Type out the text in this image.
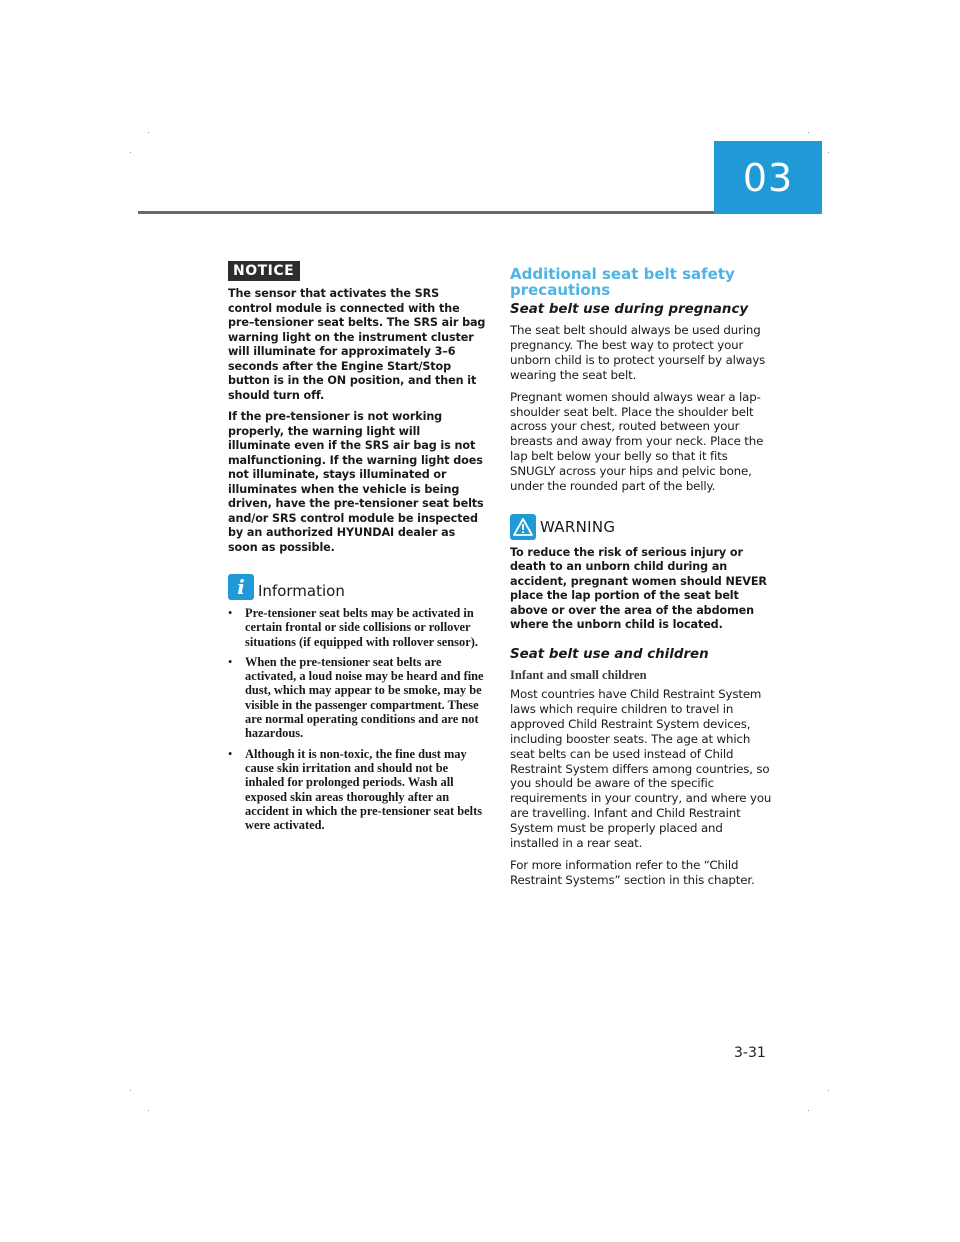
03
NOTICE

The sensor that activates the SRS control module is connected with the pre–tensioner seat belts. The SRS air bag warning light on the instrument cluster will illuminate for approximately 3–6 seconds after the Engine Start/Stop button is in the ON position, and then it should turn off.

If the pre-tensioner is not working properly, the warning light will illuminate even if the SRS air bag is not malfunctioning. If the warning light does not illuminate, stays illuminated or illuminates when the vehicle is being driven, have the pre-tensioner seat belts and/or SRS control module be inspected by an authorized HYUNDAI dealer as soon as possible.

i Information
• Pre-tensioner seat belts may be activated in certain frontal or side collisions or rollover situations (if equipped with rollover sensor).
• When the pre-tensioner seat belts are activated, a loud noise may be heard and fine dust, which may appear to be smoke, may be visible in the passenger compartment. These are normal operating conditions and are not hazardous.
• Although it is non-toxic, the fine dust may cause skin irritation and should not be inhaled for prolonged periods. Wash all exposed skin areas thoroughly after an accident in which the pre-tensioner seat belts were activated.
Additional seat belt safety precautions
Seat belt use during pregnancy

The seat belt should always be used during pregnancy. The best way to protect your unborn child is to protect yourself by always wearing the seat belt.

Pregnant women should always wear a lap-shoulder seat belt. Place the shoulder belt across your chest, routed between your breasts and away from your neck. Place the lap belt below your belly so that it fits SNUGLY across your hips and pelvic bone, under the rounded part of the belly.

WARNING

To reduce the risk of serious injury or death to an unborn child during an accident, pregnant women should NEVER place the lap portion of the seat belt above or over the area of the abdomen where the unborn child is located.

Seat belt use and children
Infant and small children

Most countries have Child Restraint System laws which require children to travel in approved Child Restraint System devices, including booster seats. The age at which seat belts can be used instead of Child Restraint System differs among countries, so you should be aware of the specific requirements in your country, and where you are travelling. Infant and Child Restraint System must be properly placed and installed in a rear seat.

For more information refer to the “Child Restraint Systems” section in this chapter.

3-31
